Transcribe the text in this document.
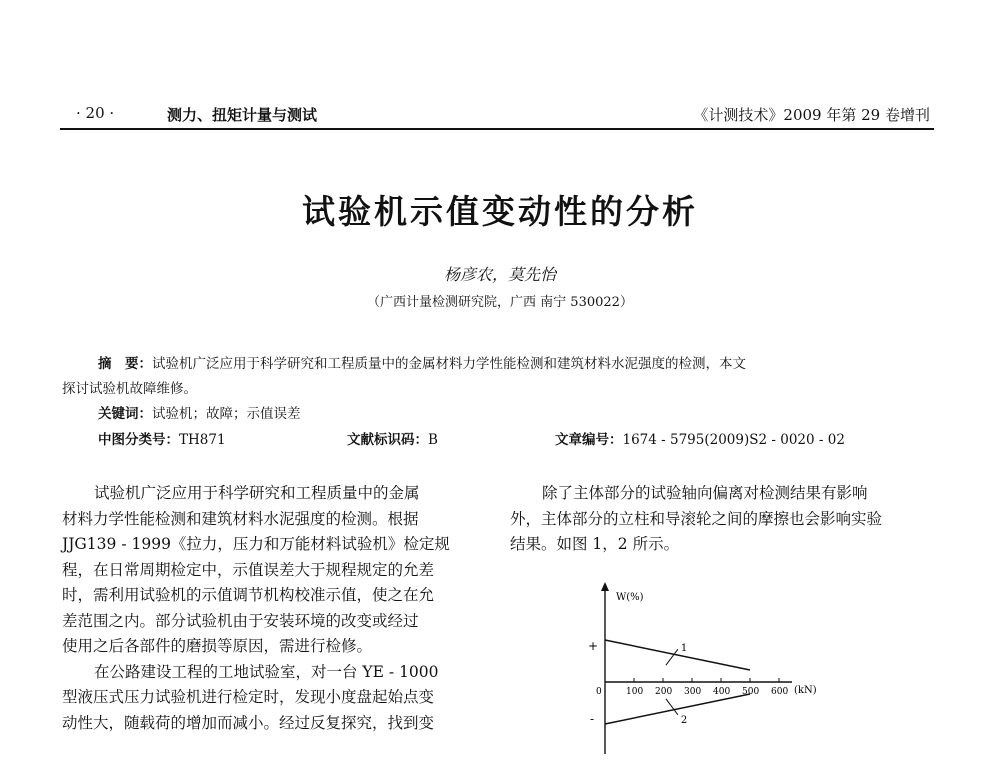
· 20 ·	测力、扭矩计量与测试	《计测技术》2009 年第 29 卷增刊
试验机示值变动性的分析
杨彦农，莫先怡
（广西计量检测研究院，广西 南宁 530022）
摘　要：试验机广泛应用于科学研究和工程质量中的金属材料力学性能检测和建筑材料水泥强度的检测，本文
探讨试验机故障维修。
关键词：试验机；故障；示值误差
中图分类号：TH871	文献标识码：B	文章编号：1674 - 5795(2009)S2 - 0020 - 02
试验机广泛应用于科学研究和工程质量中的金属
材料力学性能检测和建筑材料水泥强度的检测。根据
JJG139 - 1999《拉力，压力和万能材料试验机》检定规
程，在日常周期检定中，示值误差大于规程规定的允差
时，需利用试验机的示值调节机构校准示值，使之在允
差范围之内。部分试验机由于安装环境的改变或经过
使用之后各部件的磨损等原因，需进行检修。
在公路建设工程的工地试验室，对一台 YE - 1000
型液压式压力试验机进行检定时，发现小度盘起始点变
动性大，随载荷的增加而减小。经过反复探究，找到变
除了主体部分的试验轴向偏离对检测结果有影响
外，主体部分的立柱和导滚轮之间的摩擦也会影响实验
结果。如图 1，2 所示。
W(%)
+
-
(kN)
0	100 200 300 400 500 600
1
2
